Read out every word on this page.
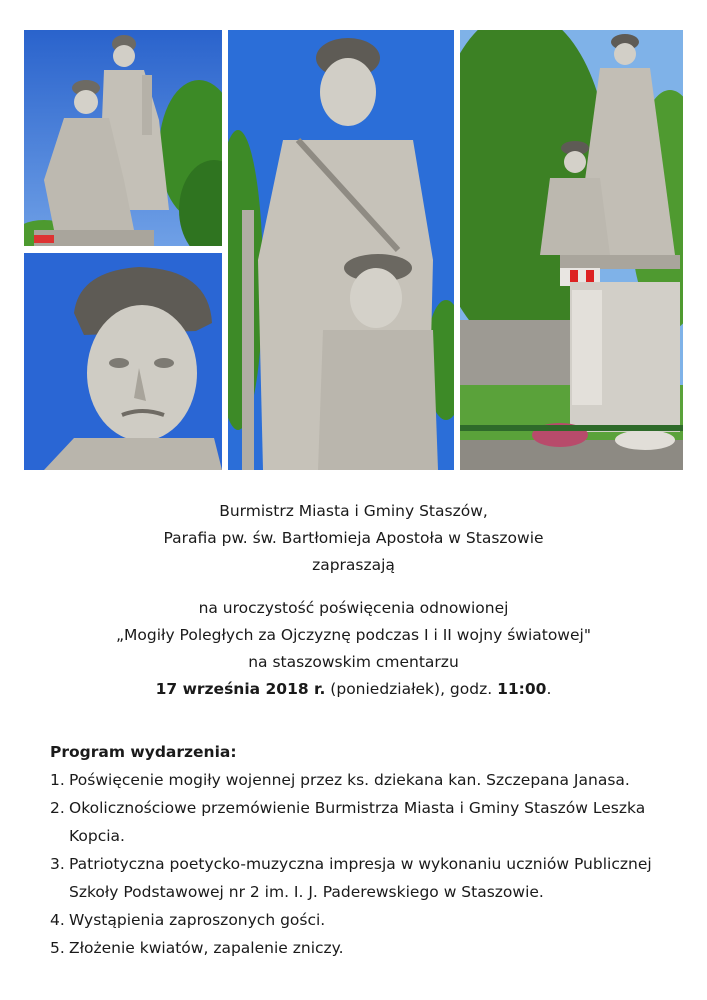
Burmistrz Miasta i Gminy Staszów,
Parafia pw. św. Bartłomieja Apostoła w Staszowie
zapraszają
na uroczystość poświęcenia odnowionej
„Mogiły Poległych za Ojczyznę podczas I i II wojny światowej"
na staszowskim cmentarzu
17 września 2018 r. (poniedziałek), godz. 11:00.
Program wydarzenia:
1. Poświęcenie mogiły wojennej przez ks. dziekana kan. Szczepana Janasa.
2. Okolicznościowe przemówienie Burmistrza Miasta i Gminy Staszów Leszka Kopcia.
3. Patriotyczna poetycko-muzyczna impresja w wykonaniu uczniów Publicznej Szkoły Podstawowej nr 2 im. I. J. Paderewskiego w Staszowie.
4. Wystąpienia zaproszonych gości.
5. Złożenie kwiatów, zapalenie zniczy.
